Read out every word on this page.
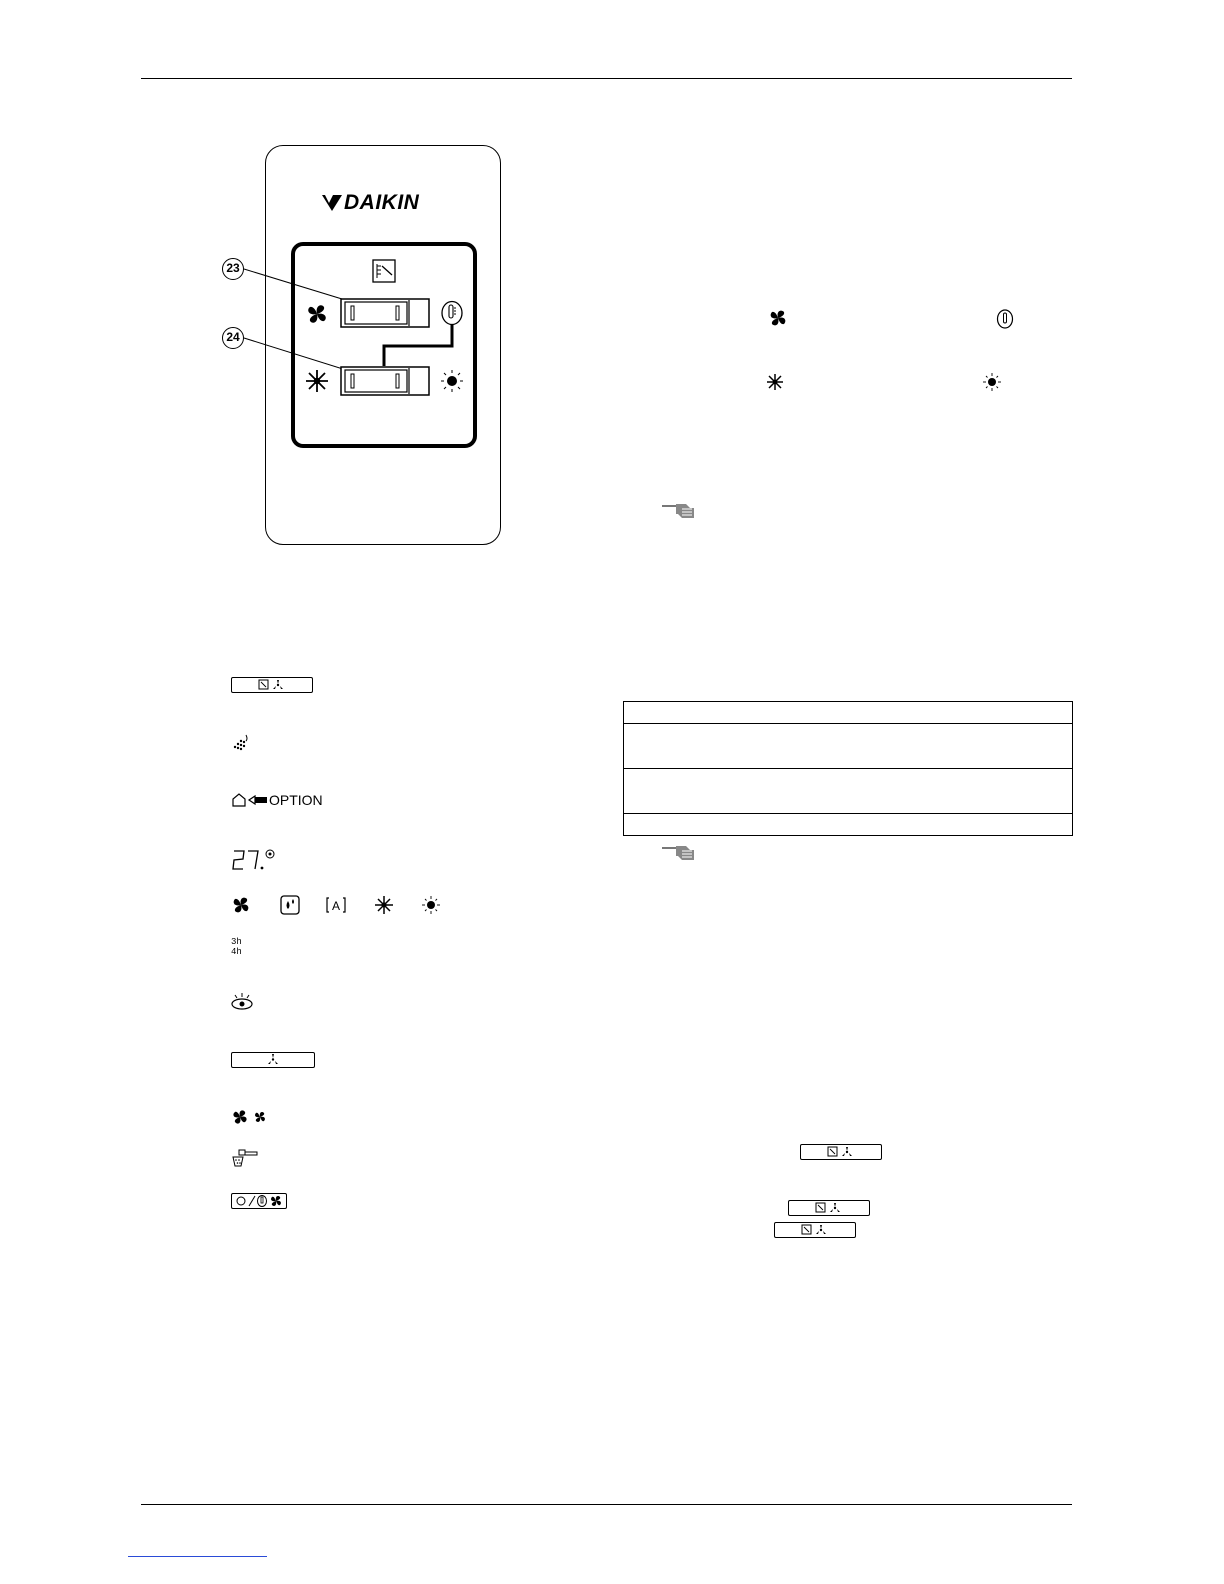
DAIKIN
23
24
OPTION
A
3h
4h
